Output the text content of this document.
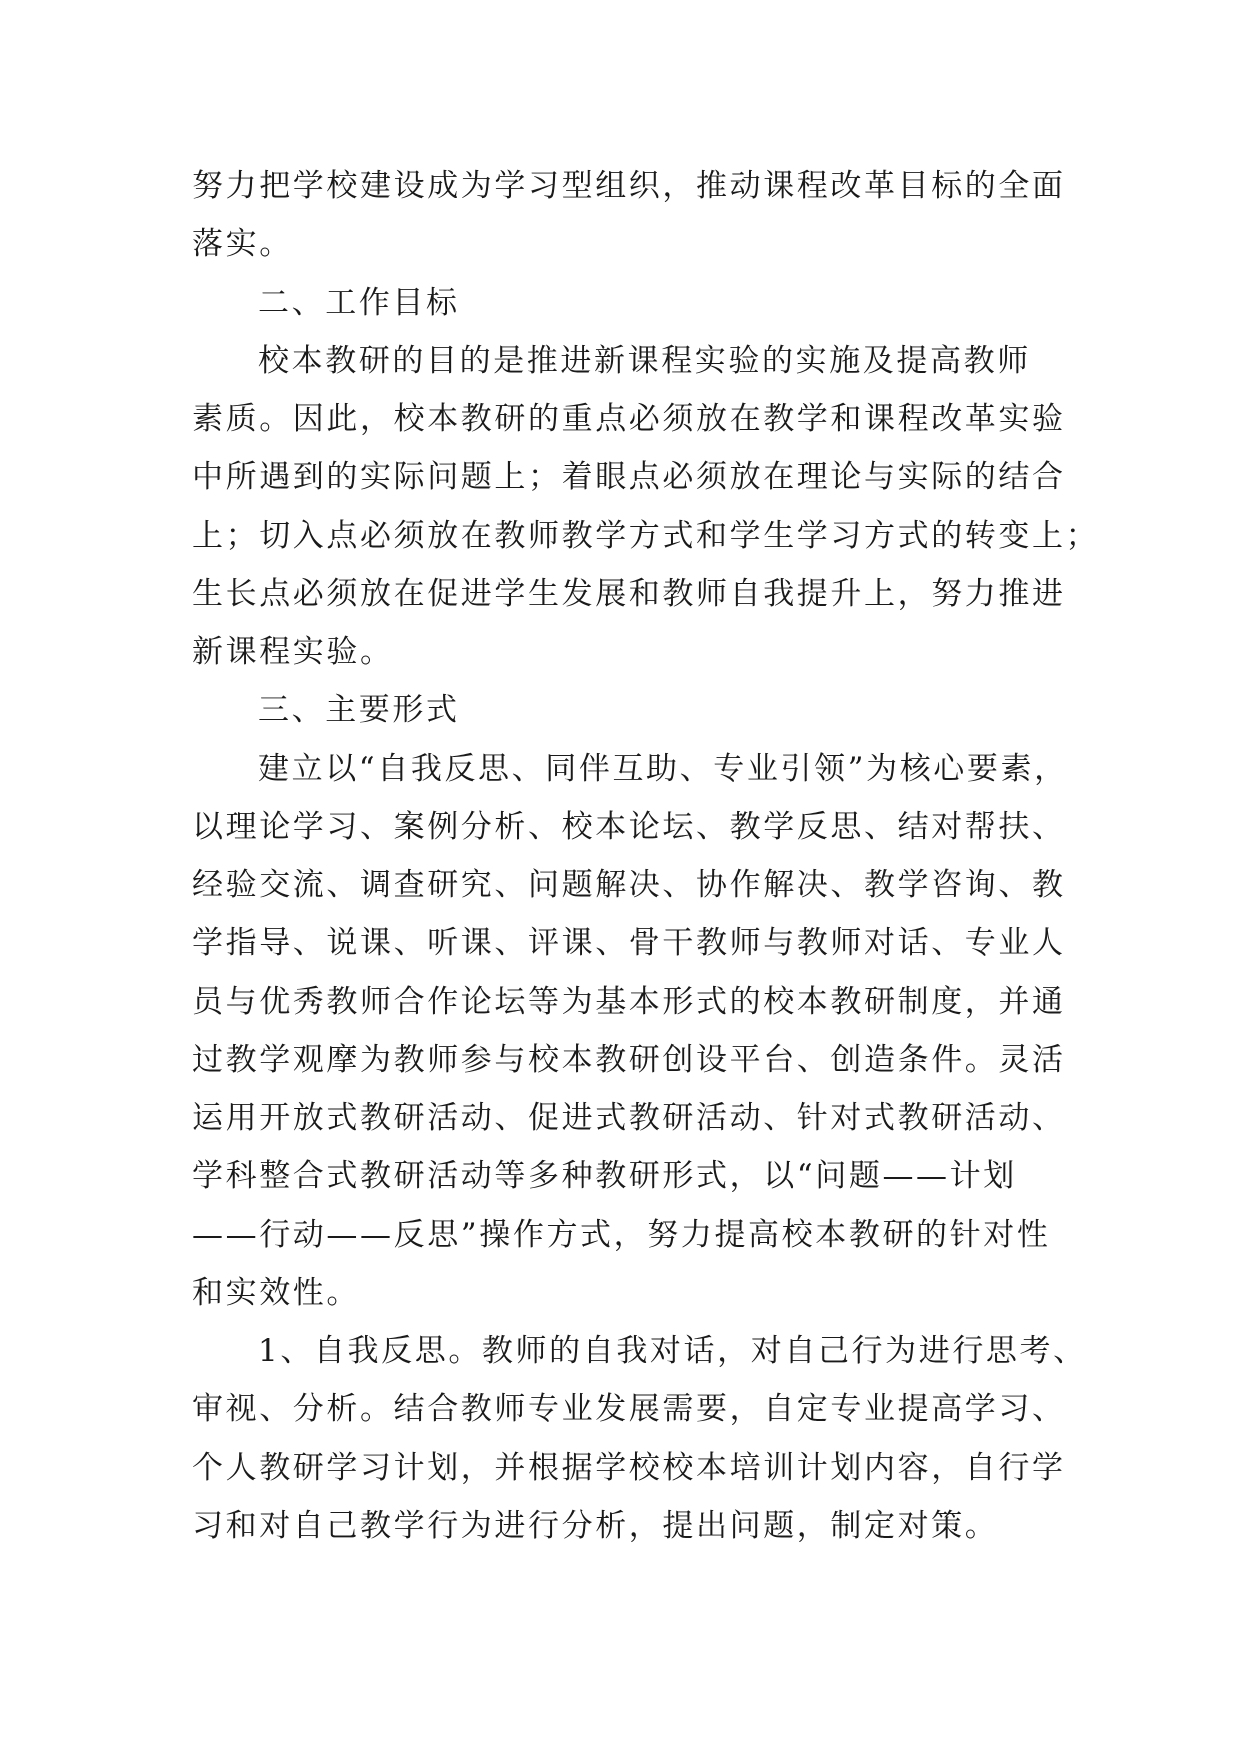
努力把学校建设成为学习型组织，推动课程改革目标的全面
落实。
二、工作目标
校本教研的目的是推进新课程实验的实施及提高教师
素质。因此，校本教研的重点必须放在教学和课程改革实验
中所遇到的实际问题上；着眼点必须放在理论与实际的结合
上；切入点必须放在教师教学方式和学生学习方式的转变上；
生长点必须放在促进学生发展和教师自我提升上，努力推进
新课程实验。
三、主要形式
建立以“自我反思、同伴互助、专业引领”为核心要素，
以理论学习、案例分析、校本论坛、教学反思、结对帮扶、
经验交流、调查研究、问题解决、协作解决、教学咨询、教
学指导、说课、听课、评课、骨干教师与教师对话、专业人
员与优秀教师合作论坛等为基本形式的校本教研制度，并通
过教学观摩为教师参与校本教研创设平台、创造条件。灵活
运用开放式教研活动、促进式教研活动、针对式教研活动、
学科整合式教研活动等多种教研形式，以“问题——计划
——行动——反思”操作方式，努力提高校本教研的针对性
和实效性。
1、自我反思。教师的自我对话，对自己行为进行思考、
审视、分析。结合教师专业发展需要，自定专业提高学习、
个人教研学习计划，并根据学校校本培训计划内容，自行学
习和对自己教学行为进行分析，提出问题，制定对策。
